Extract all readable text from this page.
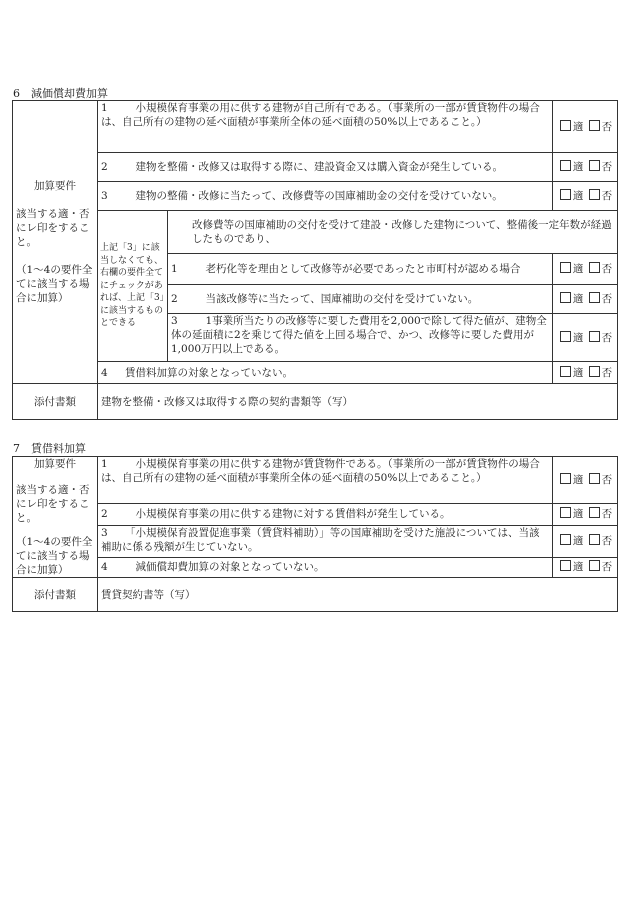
6　減価償却費加算
加算要件
該当する適・否にレ印をすること。
（1～4の要件全てに該当する場合に加算）	1　小規模保育事業の用に供する建物が自己所有である。（事業所の一部が賃貸物件の場合は、自己所有の建物の延べ面積が事業所全体の延べ面積の50%以上であること。）		適 否
	2　建物を整備・改修又は取得する際に、建設資金又は購入資金が発生している。		適 否
	3　建物の整備・改修に当たって、改修費等の国庫補助金の交付を受けていない。		適 否
	上記「3」に該当しなくても、右欄の要件全てにチェックがあれば、上記「3」に該当するものとできる	改修費等の国庫補助の交付を受けて建設・改修した建物について、整備後一定年数が経過したものであり、	
		1　老朽化等を理由として改修等が必要であったと市町村が認める場合	適 否
		2　当該改修等に当たって、国庫補助の交付を受けていない。	適 否
		3　1事業所当たりの改修等に要した費用を2,000で除して得た値が、建物全体の延面積に2を乗じて得た値を上回る場合で、かつ、改修等に要した費用が1,000万円以上である。	適 否
	4 賃借料加算の対象となっていない。		適 否
添付書類	建物を整備・改修又は取得する際の契約書類等（写）		
7　賃借料加算
加算要件
該当する適・否にレ印をすること。
（1～4の要件全てに該当する場合に加算）	1　小規模保育事業の用に供する建物が賃貸物件である。（事業所の一部が賃貸物件の場合は、自己所有の建物の延べ面積が事業所全体の延べ面積の50%以上であること。）	適 否
	2　小規模保育事業の用に供する建物に対する賃借料が発生している。	適 否
	3 「小規模保育設置促進事業（賃貸料補助）」等の国庫補助を受けた施設については、当該補助に係る残額が生じていない。	適 否
	4　減価償却費加算の対象となっていない。	適 否
添付書類	賃貸契約書等（写）	
